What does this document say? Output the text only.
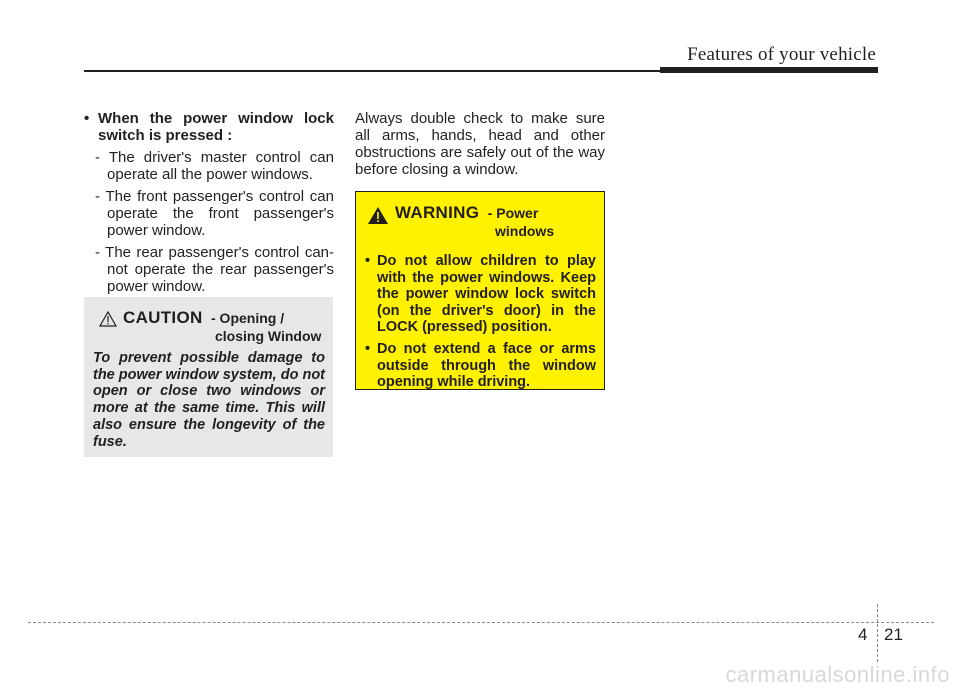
Features of your vehicle
• When the power window lock switch is pressed :
- The driver's master control can operate all the power windows.
- The front passenger's control can operate the front passenger's power window.
- The rear passenger's control can- not operate the rear passenger's power window.
CAUTION - Opening /
closing Window
To prevent possible damage to the power window system, do not open or close two windows or more at the same time. This will also ensure the longevity of the fuse.
Always double check to make sure all arms, hands, head and other obstructions are safely out of the way before closing a window.
WARNING - Power
windows
• Do not allow children to play with the power windows. Keep the power window lock switch (on the driver's door) in the LOCK (pressed) position.
• Do not extend a face or arms outside through the window opening while driving.
4 21
carmanualsonline.info
